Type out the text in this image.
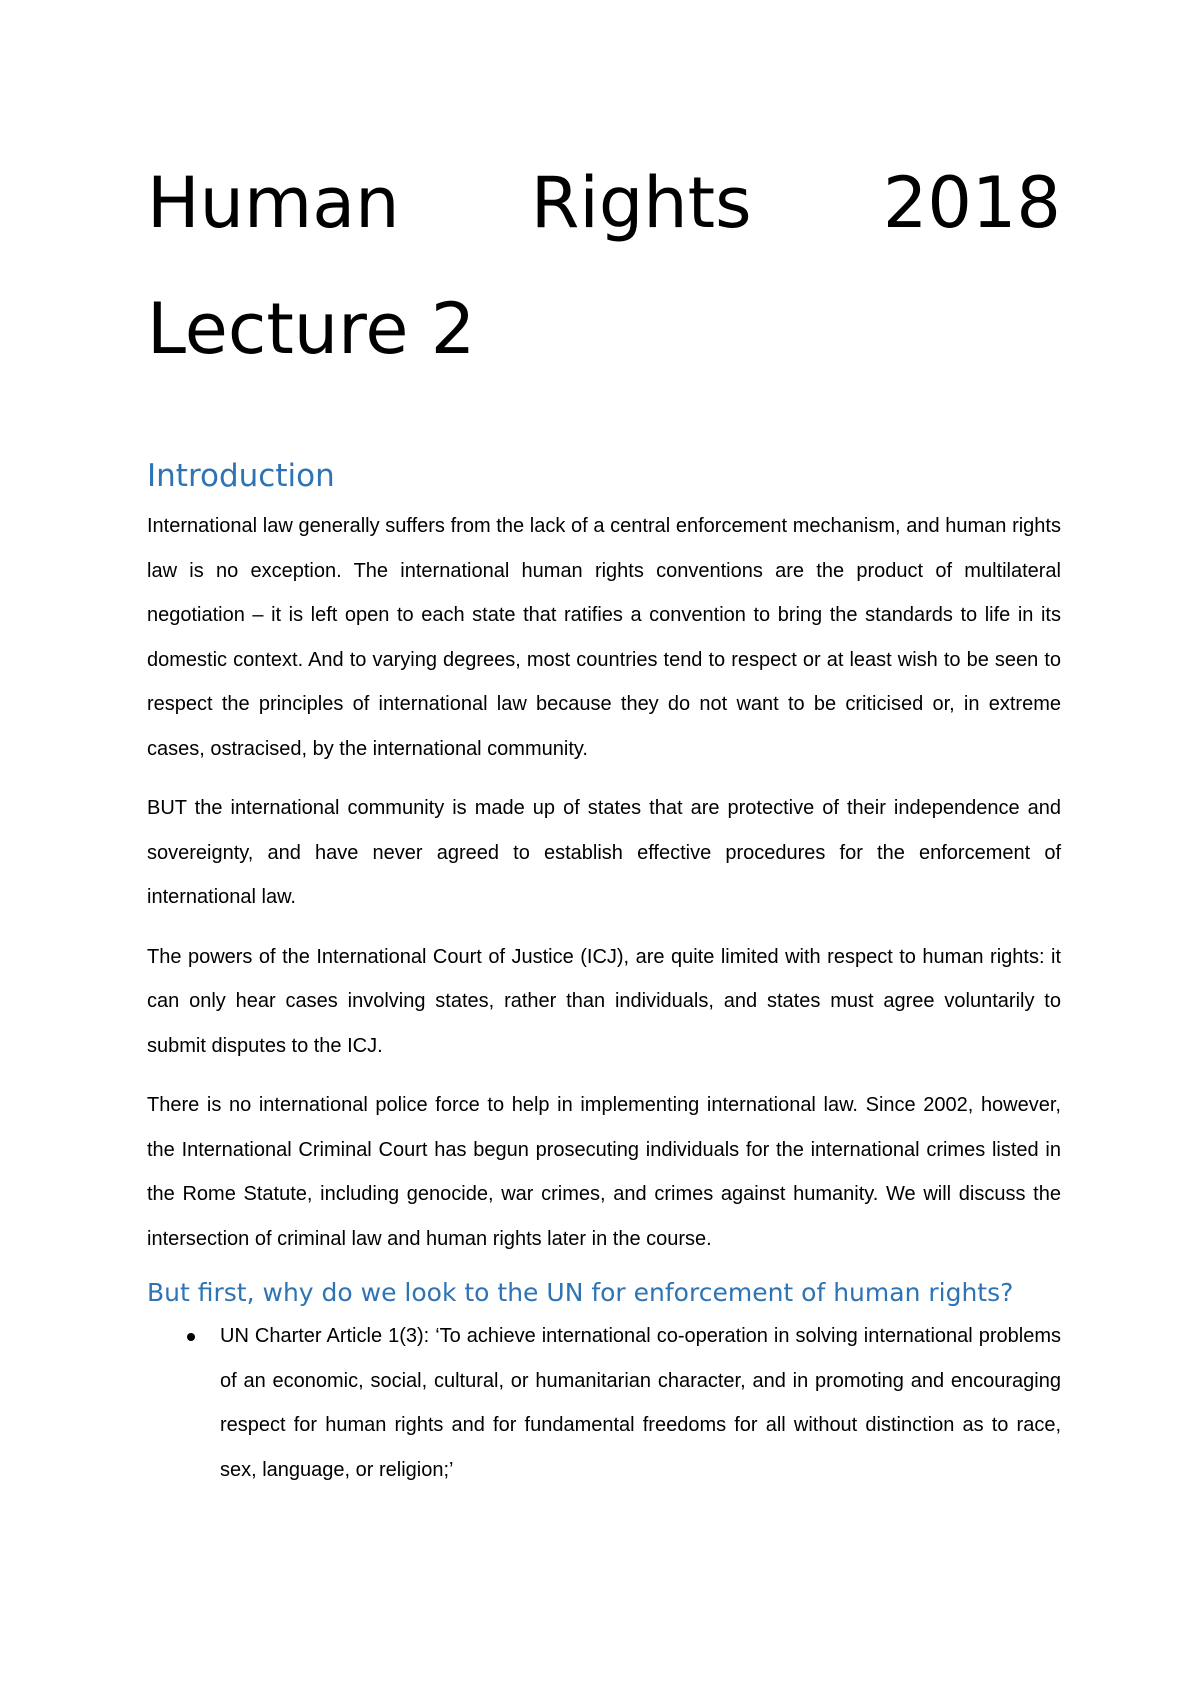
Human Rights 2018
Lecture 2
Introduction

International law generally suffers from the lack of a central enforcement mechanism, and human rights law is no exception. The international human rights conventions are the product of multilateral negotiation – it is left open to each state that ratifies a convention to bring the standards to life in its domestic context. And to varying degrees, most countries tend to respect or at least wish to be seen to respect the principles of international law because they do not want to be criticised or, in extreme cases, ostracised, by the international community.

BUT the international community is made up of states that are protective of their independence and sovereignty, and have never agreed to establish effective procedures for the enforcement of international law.

The powers of the International Court of Justice (ICJ), are quite limited with respect to human rights: it can only hear cases involving states, rather than individuals, and states must agree voluntarily to submit disputes to the ICJ.

There is no international police force to help in implementing international law. Since 2002, however, the International Criminal Court has begun prosecuting individuals for the international crimes listed in the Rome Statute, including genocide, war crimes, and crimes against humanity. We will discuss the intersection of criminal law and human rights later in the course.

But first, why do we look to the UN for enforcement of human rights?
UN Charter Article 1(3): ‘To achieve international co-operation in solving international problems of an economic, social, cultural, or humanitarian character, and in promoting and encouraging respect for human rights and for fundamental freedoms for all without distinction as to race, sex, language, or religion;’
